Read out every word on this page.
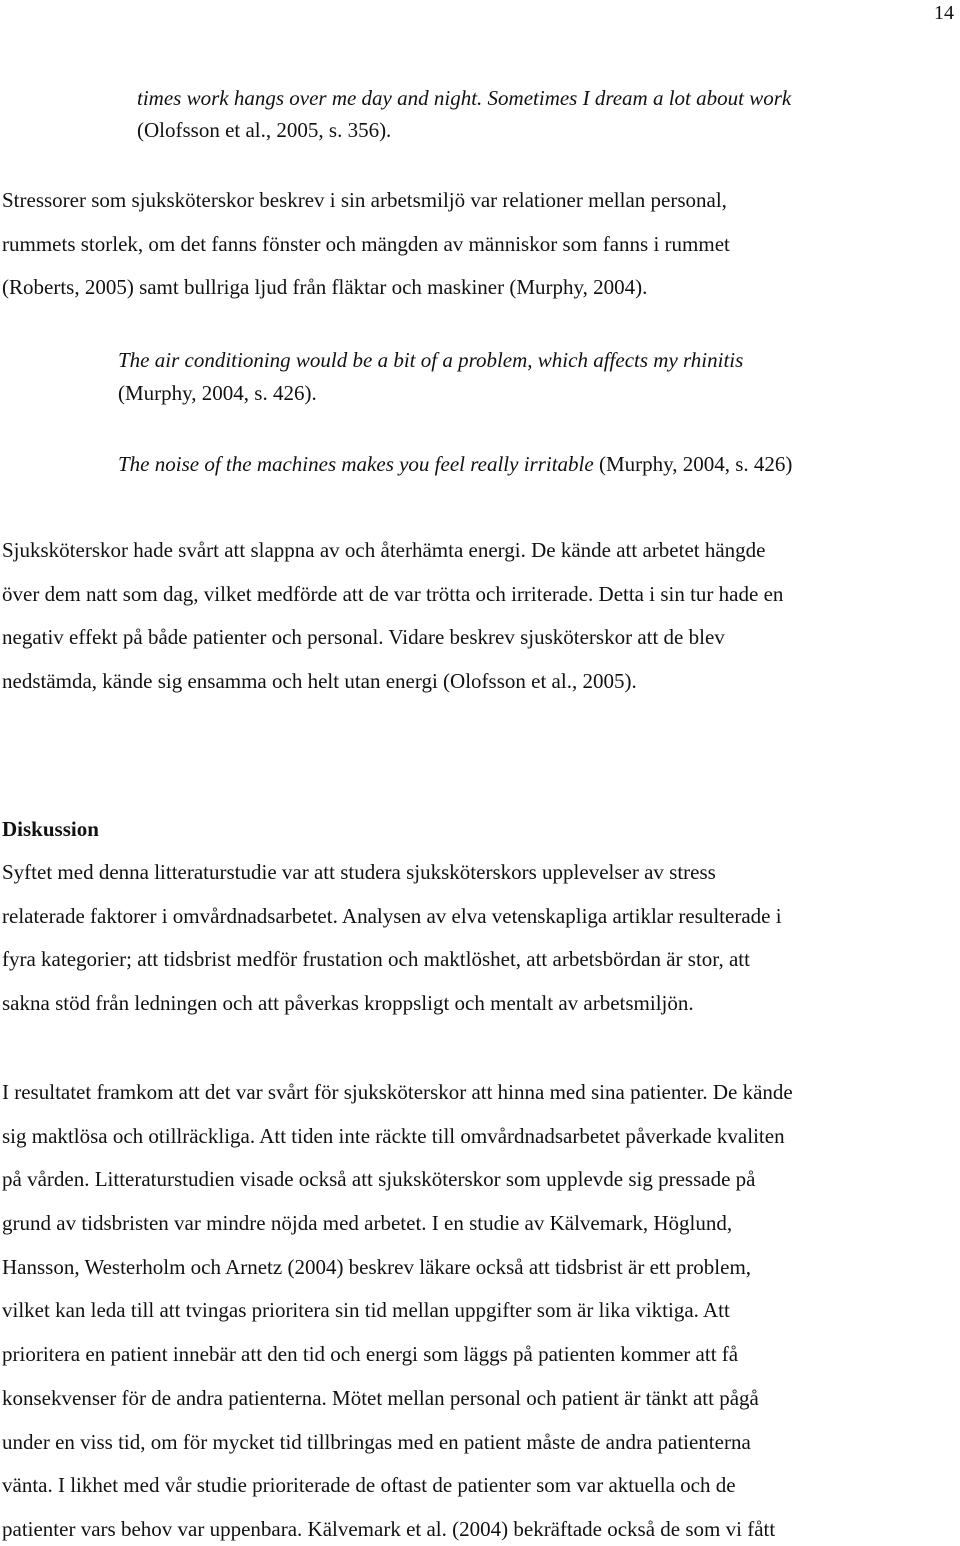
14
times work hangs over me day and night. Sometimes I dream a lot about work
(Olofsson et al., 2005, s. 356).
Stressorer som sjuksköterskor beskrev i sin arbetsmiljö var relationer mellan personal,
rummets storlek, om det fanns fönster och mängden av människor som fanns i rummet
(Roberts, 2005) samt bullriga ljud från fläktar och maskiner (Murphy, 2004).
The air conditioning would be a bit of a problem, which affects my rhinitis
(Murphy, 2004, s. 426).
The noise of the machines makes you feel really irritable (Murphy, 2004, s. 426)
Sjuksköterskor hade svårt att slappna av och återhämta energi. De kände att arbetet hängde
över dem natt som dag, vilket medförde att de var trötta och irriterade. Detta i sin tur hade en
negativ effekt på både patienter och personal. Vidare beskrev sjusköterskor att de blev
nedstämda, kände sig ensamma och helt utan energi (Olofsson et al., 2005).
Diskussion
Syftet med denna litteraturstudie var att studera sjuksköterskors upplevelser av stress
relaterade faktorer i omvårdnadsarbetet. Analysen av elva vetenskapliga artiklar resulterade i
fyra kategorier; att tidsbrist medför frustation och maktlöshet, att arbetsbördan är stor, att
sakna stöd från ledningen och att påverkas kroppsligt och mentalt av arbetsmiljön.
I resultatet framkom att det var svårt för sjuksköterskor att hinna med sina patienter. De kände
sig maktlösa och otillräckliga. Att tiden inte räckte till omvårdnadsarbetet påverkade kvaliten
på vården. Litteraturstudien visade också att sjuksköterskor som upplevde sig pressade på
grund av tidsbristen var mindre nöjda med arbetet. I en studie av Kälvemark, Höglund,
Hansson, Westerholm och Arnetz (2004) beskrev läkare också att tidsbrist är ett problem,
vilket kan leda till att tvingas prioritera sin tid mellan uppgifter som är lika viktiga. Att
prioritera en patient innebär att den tid och energi som läggs på patienten kommer att få
konsekvenser för de andra patienterna. Mötet mellan personal och patient är tänkt att pågå
under en viss tid, om för mycket tid tillbringas med en patient måste de andra patienterna
vänta. I likhet med vår studie prioriterade de oftast de patienter som var aktuella och de
patienter vars behov var uppenbara. Kälvemark et al. (2004) bekräftade också de som vi fått
